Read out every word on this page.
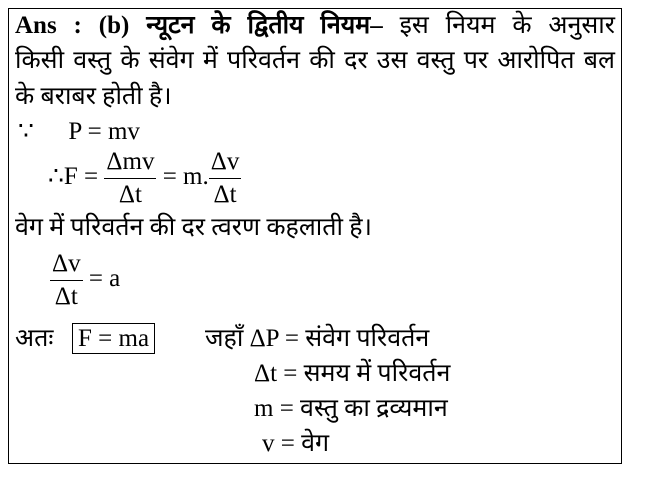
Ans : (b) न्यूटन के द्वितीय नियम– इस नियम के अनुसार
किसी वस्तु के संवेग में परिवर्तन की दर उस वस्तु पर आरोपित बल
के बराबर होती है।
∵ P = mv
∴F = $\frac{\text{Δmv}}{\Delta t} = m$. $\frac{\Delta v}{\Delta t}$
वेग में परिवर्तन की दर त्वरण कहलाती है।
$\frac{\Delta v}{\Delta t} = a$
अतः F = ma जहाँ ΔP = संवेग परिवर्तन
Δt = समय में परिवर्तन
m = वस्तु का द्रव्यमान
v = वेग
